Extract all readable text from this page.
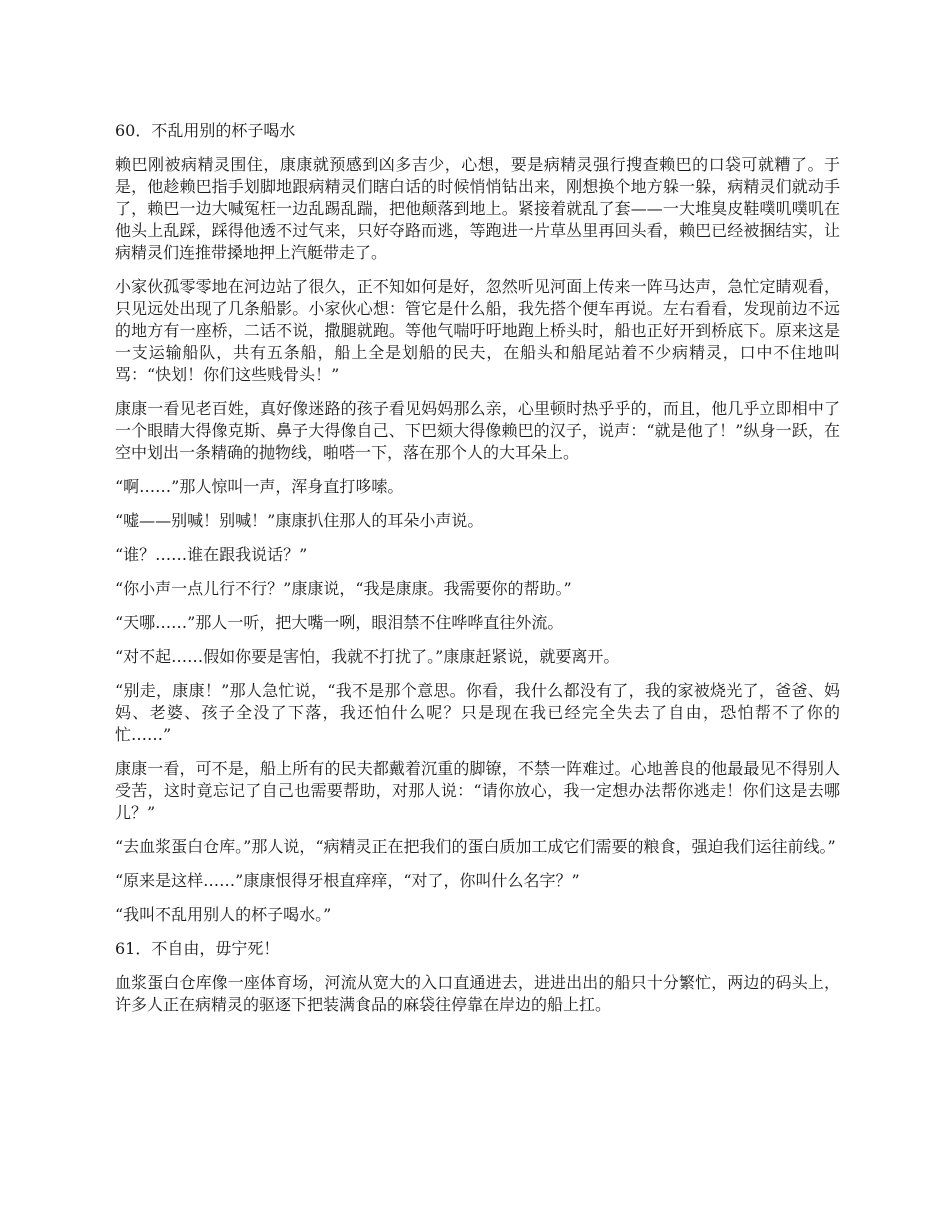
60．不乱用别的杯子喝水

赖巴刚被病精灵围住，康康就预感到凶多吉少，心想，要是病精灵强行搜查赖巴的口袋可就糟了。于是，他趁赖巴指手划脚地跟病精灵们瞎白话的时候悄悄钻出来，刚想换个地方躲一躲，病精灵们就动手了，赖巴一边大喊冤枉一边乱踢乱踹，把他颠落到地上。紧接着就乱了套——一大堆臭皮鞋噗叽噗叽在他头上乱踩，踩得他透不过气来，只好夺路而逃，等跑进一片草丛里再回头看，赖巴已经被捆结实，让病精灵们连推带搡地押上汽艇带走了。

小家伙孤零零地在河边站了很久，正不知如何是好，忽然听见河面上传来一阵马达声，急忙定睛观看，只见远处出现了几条船影。小家伙心想：管它是什么船，我先搭个便车再说。左右看看，发现前边不远的地方有一座桥，二话不说，撒腿就跑。等他气喘吁吁地跑上桥头时，船也正好开到桥底下。原来这是一支运输船队，共有五条船，船上全是划船的民夫，在船头和船尾站着不少病精灵，口中不住地叫骂：“快划！你们这些贱骨头！”

康康一看见老百姓，真好像迷路的孩子看见妈妈那么亲，心里顿时热乎乎的，而且，他几乎立即相中了一个眼睛大得像克斯、鼻子大得像自己、下巴颏大得像赖巴的汉子，说声：“就是他了！”纵身一跃，在空中划出一条精确的抛物线，啪嗒一下，落在那个人的大耳朵上。

“啊……”那人惊叫一声，浑身直打哆嗦。

“嘘——别喊！别喊！”康康扒住那人的耳朵小声说。

“谁？……谁在跟我说话？”

“你小声一点儿行不行？”康康说，“我是康康。我需要你的帮助。”

“天哪……”那人一听，把大嘴一咧，眼泪禁不住哗哗直往外流。

“对不起……假如你要是害怕，我就不打扰了。”康康赶紧说，就要离开。

“别走，康康！”那人急忙说，“我不是那个意思。你看，我什么都没有了，我的家被烧光了，爸爸、妈妈、老婆、孩子全没了下落，我还怕什么呢？只是现在我已经完全失去了自由，恐怕帮不了你的忙……”

康康一看，可不是，船上所有的民夫都戴着沉重的脚镣，不禁一阵难过。心地善良的他最最见不得别人受苦，这时竟忘记了自己也需要帮助，对那人说：“请你放心，我一定想办法帮你逃走！你们这是去哪儿？”

“去血浆蛋白仓库。”那人说，“病精灵正在把我们的蛋白质加工成它们需要的粮食，强迫我们运往前线。”

“原来是这样……”康康恨得牙根直痒痒，“对了，你叫什么名字？”

“我叫不乱用别人的杯子喝水。”

61．不自由，毋宁死！

血浆蛋白仓库像一座体育场，河流从宽大的入口直通进去，进进出出的船只十分繁忙，两边的码头上，许多人正在病精灵的驱逐下把装满食品的麻袋往停靠在岸边的船上扛。
